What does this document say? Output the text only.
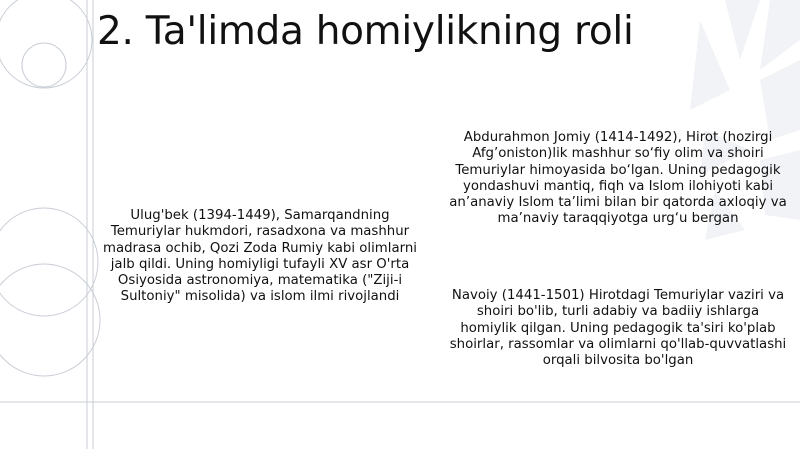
2. Ta'limda homiylikning roli
Ulug'bek (1394-1449), Samarqandning Temuriylar hukmdori, rasadxona va mashhur madrasa ochib, Qozi Zoda Rumiy kabi olimlarni jalb qildi. Uning homiyligi tufayli XV asr O'rta Osiyosida astronomiya, matematika ("Ziji-i Sultoniy" misolida) va islom ilmi rivojlandi
Abdurahmon Jomiy (1414-1492), Hirot (hozirgi Afg’oniston)lik mashhur so‘fiy olim va shoiri Temuriylar himoyasida bo‘lgan. Uning pedagogik yondashuvi mantiq, fiqh va Islom ilohiyoti kabi an’anaviy Islom ta’limi bilan bir qatorda axloqiy va ma’naviy taraqqiyotga urg‘u bergan
Navoiy (1441-1501) Hirotdagi Temuriylar vaziri va shoiri bo'lib, turli adabiy va badiiy ishlarga homiylik qilgan. Uning pedagogik ta'siri ko'plab shoirlar, rassomlar va olimlarni qo'llab-quvvatlashi orqali bilvosita bo'lgan
